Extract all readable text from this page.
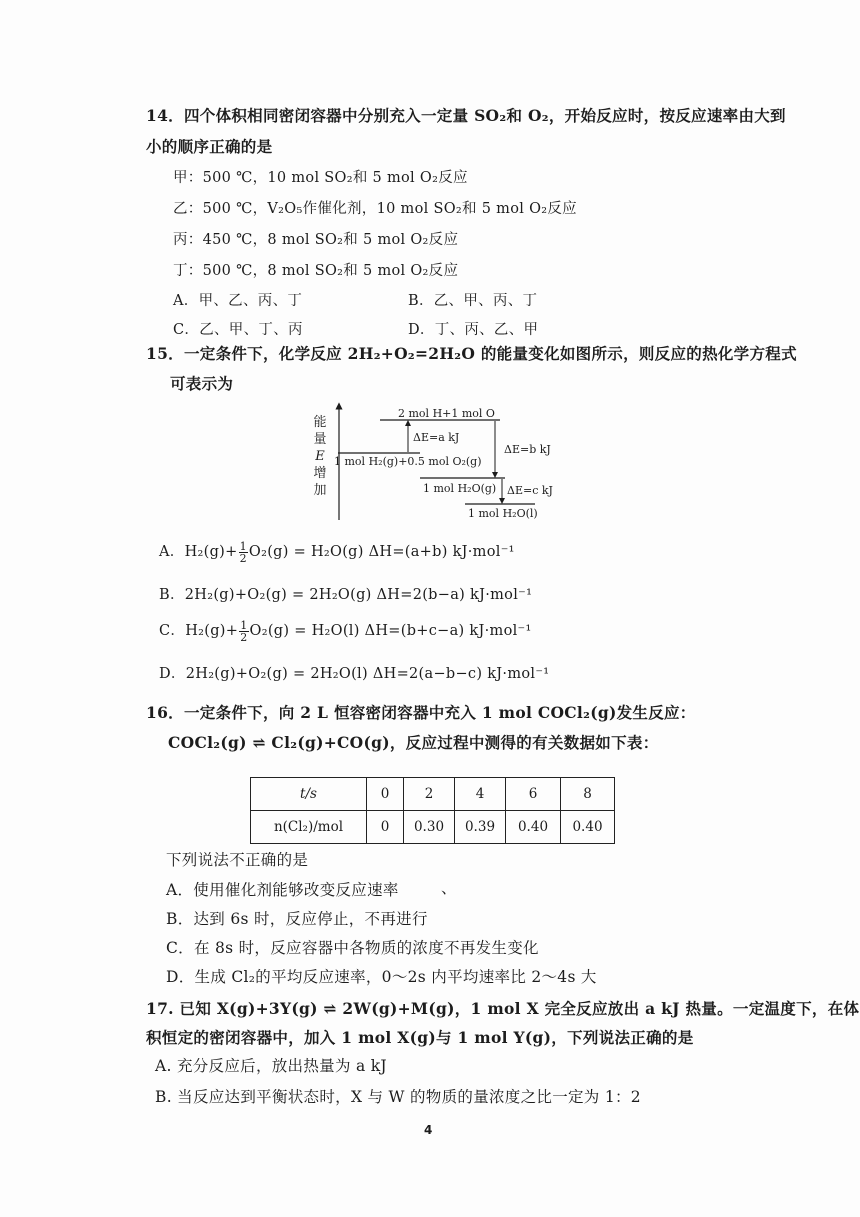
14．四个体积相同密闭容器中分别充入一定量 SO₂和 O₂，开始反应时，按反应速率由大到
小的顺序正确的是
甲：500 ℃，10 mol SO₂和 5 mol O₂反应
乙：500 ℃，V₂O₅作催化剂，10 mol SO₂和 5 mol O₂反应
丙：450 ℃，8 mol SO₂和 5 mol O₂反应
丁：500 ℃，8 mol SO₂和 5 mol O₂反应
A．甲、乙、丙、丁	B．乙、甲、丙、丁
C．乙、甲、丁、丙	D．丁、丙、乙、甲
15．一定条件下，化学反应 2H₂+O₂=2H₂O 的能量变化如图所示，则反应的热化学方程式
可表示为
能
量
E
增
加
2 mol H+1 mol O
ΔE=a kJ
ΔE=b kJ
1 mol H₂(g)+0.5 mol O₂(g)
1 mol H₂O(g) ΔE=c kJ
1 mol H₂O(l)
A．$H_2(g)+ \frac{1}{2} O_2(g) = H_2O(g)$ ΔH=(a+b) kJ·mol⁻¹
B．2H₂(g)+O₂(g) = 2H₂O(g) ΔH=2(b−a) kJ·mol⁻¹
C．$H_2(g)+ \frac{1}{2} O_2(g) = H_2O(l)$ ΔH=(b+c−a) kJ·mol⁻¹
D．2H₂(g)+O₂(g) = 2H₂O(l) ΔH=2(a−b−c) kJ·mol⁻¹
16．一定条件下，向 2 L 恒容密闭容器中充入 1 mol COCl₂(g)发生反应：
COCl₂(g) ⇌ Cl₂(g)+CO(g)，反应过程中测得的有关数据如下表：
t/s	0	2	4	6	8
n(Cl₂)/mol	0	0.30	0.39	0.40	0.40
下列说法不正确的是
A．使用催化剂能够改变反应速率	、
B．达到 6s 时，反应停止，不再进行
C．在 8s 时，反应容器中各物质的浓度不再发生变化
D．生成 Cl₂的平均反应速率，0～2s 内平均速率比 2～4s 大
17. 已知 X(g)+3Y(g) ⇌ 2W(g)+M(g)，1 mol X 完全反应放出 a kJ 热量。一定温度下，在体
积恒定的密闭容器中，加入 1 mol X(g)与 1 mol Y(g)，下列说法正确的是
A. 充分反应后，放出热量为 a kJ
B. 当反应达到平衡状态时，X 与 W 的物质的量浓度之比一定为 1：2
4
